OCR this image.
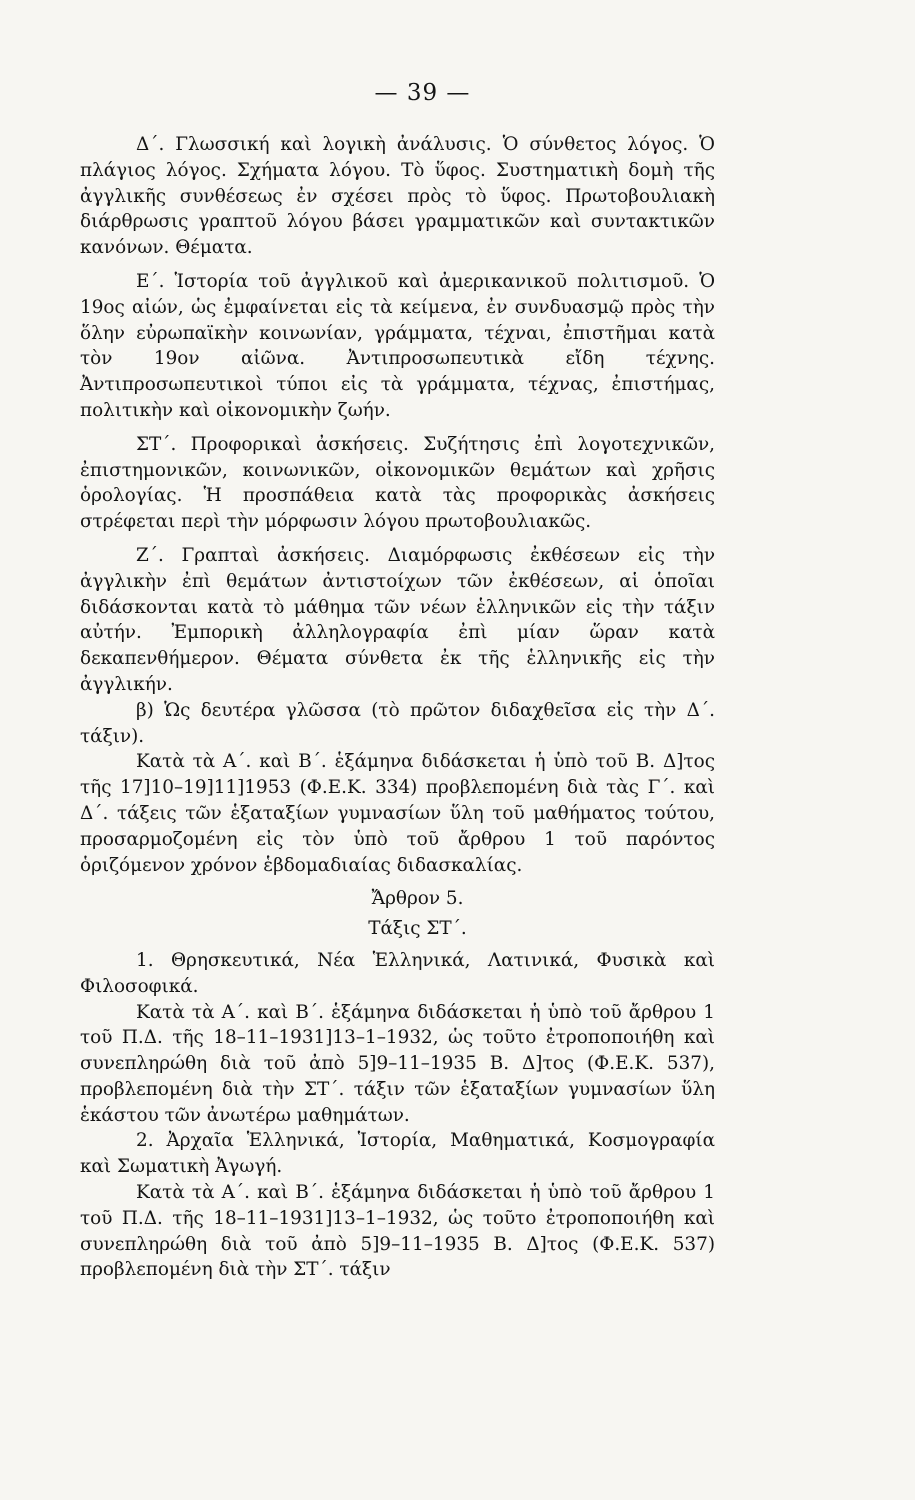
— 39 —

Δ΄. Γλωσσική καὶ λογικὴ ἀνάλυσις. Ὁ σύνθετος λόγος. Ὁ πλάγιος λόγος. Σχήματα λόγου. Τὸ ὕφος. Συστηματικὴ δομὴ τῆς ἀγγλικῆς συνθέσεως ἐν σχέσει πρὸς τὸ ὕφος. Πρωτοβουλιακὴ διάρθρωσις γραπτοῦ λόγου βάσει γραμματικῶν καὶ συντακτικῶν κανόνων. Θέματα.

Ε΄. Ἱστορία τοῦ ἀγγλικοῦ καὶ ἀμερικανικοῦ πολιτισμοῦ. Ὁ 19ος αἰών, ὡς ἐμφαίνεται εἰς τὰ κείμενα, ἐν συνδυασμῷ πρὸς τὴν ὅλην εὐρωπαϊκὴν κοινωνίαν, γράμματα, τέχναι, ἐπιστῆμαι κατὰ τὸν 19ον αἰῶνα. Ἀντιπροσωπευτικὰ εἴδη τέχνης. Ἀντιπροσωπευτικοὶ τύποι εἰς τὰ γράμματα, τέχνας, ἐπιστήμας, πολιτικὴν καὶ οἰκονομικὴν ζωήν.

ΣΤ΄. Προφορικαὶ ἀσκήσεις. Συζήτησις ἐπὶ λογοτεχνικῶν, ἐπιστημονικῶν, κοινωνικῶν, οἰκονομικῶν θεμάτων καὶ χρῆσις ὁρολογίας. Ἡ προσπάθεια κατὰ τὰς προφορικὰς ἀσκήσεις στρέφεται περὶ τὴν μόρφωσιν λόγου πρωτοβουλιακῶς.

Ζ΄. Γραπταὶ ἀσκήσεις. Διαμόρφωσις ἐκθέσεων εἰς τὴν ἀγγλικὴν ἐπὶ θεμάτων ἀντιστοίχων τῶν ἐκθέσεων, αἱ ὁποῖαι διδάσκονται κατὰ τὸ μάθημα τῶν νέων ἑλληνικῶν εἰς τὴν τάξιν αὐτήν. Ἐμπορικὴ ἀλληλογραφία ἐπὶ μίαν ὥραν κατὰ δεκαπενθήμερον. Θέματα σύνθετα ἐκ τῆς ἑλληνικῆς εἰς τὴν ἀγγλικήν.

β) Ὡς δευτέρα γλῶσσα (τὸ πρῶτον διδαχθεῖσα εἰς τὴν Δ΄. τάξιν).

Κατὰ τὰ Α΄. καὶ Β΄. ἑξάμηνα διδάσκεται ἡ ὑπὸ τοῦ Β. Δ]τος τῆς 17]10–19]11]1953 (Φ.Ε.Κ. 334) προβλεπομένη διὰ τὰς Γ΄. καὶ Δ΄. τάξεις τῶν ἑξαταξίων γυμνασίων ὕλη τοῦ μαθήματος τούτου, προσαρμοζομένη εἰς τὸν ὑπὸ τοῦ ἄρθρου 1 τοῦ παρόντος ὁριζόμενον χρόνον ἑβδομαδιαίας διδασκαλίας.

Ἄρθρον 5.

Τάξις ΣΤ΄.

1. Θρησκευτικά, Νέα Ἑλληνικά, Λατινικά, Φυσικὰ καὶ Φιλοσοφικά.

Κατὰ τὰ Α΄. καὶ Β΄. ἑξάμηνα διδάσκεται ἡ ὑπὸ τοῦ ἄρθρου 1 τοῦ Π.Δ. τῆς 18–11–1931]13–1–1932, ὡς τοῦτο ἐτροποποιήθη καὶ συνεπληρώθη διὰ τοῦ ἀπὸ 5]9–11–1935 Β. Δ]τος (Φ.Ε.Κ. 537), προβλεπομένη διὰ τὴν ΣΤ΄. τάξιν τῶν ἑξαταξίων γυμνασίων ὕλη ἑκάστου τῶν ἀνωτέρω μαθημάτων.

2. Ἀρχαῖα Ἑλληνικά, Ἱστορία, Μαθηματικά, Κοσμογραφία καὶ Σωματικὴ Ἀγωγή.

Κατὰ τὰ Α΄. καὶ Β΄. ἑξάμηνα διδάσκεται ἡ ὑπὸ τοῦ ἄρθρου 1 τοῦ Π.Δ. τῆς 18–11–1931]13–1–1932, ὡς τοῦτο ἐτροποποιήθη καὶ συνεπληρώθη διὰ τοῦ ἀπὸ 5]9–11–1935 Β. Δ]τος (Φ.Ε.Κ. 537) προβλεπομένη διὰ τὴν ΣΤ΄. τάξιν
